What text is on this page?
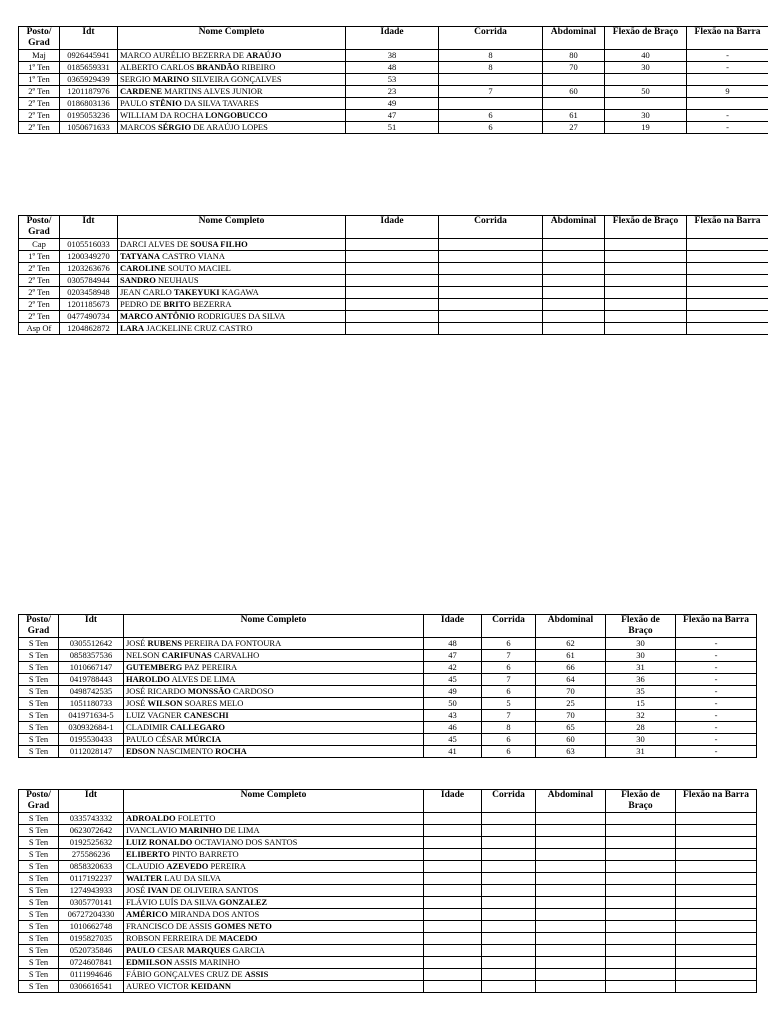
Posto/ Grad	Idt	Nome Completo	Idade	Corrida	Abdominal	Flexão de Braço	Flexão na Barra
Maj	0926445941	MARCO AURÉLIO BEZERRA DE ARAÚJO	38	8	80	40	-
1º Ten	0185659331	ALBERTO CARLOS BRANDÃO RIBEIRO	48	8	70	30	-
1º Ten	0365929439	SERGIO MARINO SILVEIRA GONÇALVES	53				
2º Ten	1201187976	CARDENE MARTINS ALVES JUNIOR	23	7	60	50	9
2º Ten	0186803136	PAULO STÊNIO DA SILVA TAVARES	49				
2º Ten	0195053236	WILLIAM DA ROCHA LONGOBUCCO	47	6	61	30	-
2º Ten	1050671633	MARCOS SÉRGIO DE ARAÚJO LOPES	51	6	27	19	-
Posto/ Grad	Idt	Nome Completo	Idade	Corrida	Abdominal	Flexão de Braço	Flexão na Barra
Cap	0105516033	DARCI ALVES DE SOUSA FILHO					
1º Ten	1200349270	TATYANA CASTRO VIANA					
2º Ten	1203263676	CAROLINE SOUTO MACIEL					
2º Ten	0305784944	SANDRO NEUHAUS					
2º Ten	0203458948	JEAN CARLO TAKEYUKI KAGAWA					
2º Ten	1201185673	PEDRO DE BRITO BEZERRA					
2º Ten	0477490734	MARCO ANTÔNIO RODRIGUES DA SILVA					
Asp Of	1204862872	LARA JACKELINE CRUZ CASTRO					
Posto/ Grad	Idt	Nome Completo	Idade	Corrida	Abdominal	Flexão de Braço	Flexão na Barra
S Ten	0305512642	JOSÉ RUBENS PEREIRA DA FONTOURA	48	6	62	30	-
S Ten	0858357536	NELSON CARIFUNAS CARVALHO	47	7	61	30	-
S Ten	1010667147	GUTEMBERG PAZ PEREIRA	42	6	66	31	-
S Ten	0419788443	HAROLDO ALVES DE LIMA	45	7	64	36	-
S Ten	0498742535	JOSÉ RICARDO MONSSÃO CARDOSO	49	6	70	35	-
S Ten	1051180733	JOSÉ WILSON SOARES MELO	50	5	25	15	-
S Ten	041971634-5	LUIZ VAGNER CANESCHI	43	7	70	32	-
S Ten	030932684-1	CLADIMIR CALLEGARO	46	8	65	28	-
S Ten	0195530433	PAULO CÉSAR MÚRCIA	45	6	60	30	-
S Ten	0112028147	EDSON NASCIMENTO ROCHA	41	6	63	31	-
Posto/ Grad	Idt	Nome Completo	Idade	Corrida	Abdominal	Flexão de Braço	Flexão na Barra
S Ten	0335743332	ADROALDO FOLETTO					
S Ten	0623072642	IVANCLAVIO MARINHO DE LIMA					
S Ten	0192525632	LUIZ RONALDO OCTAVIANO DOS SANTOS					
S Ten	275586236	ELIBERTO PINTO BARRETO					
S Ten	0858320633	CLAUDIO AZEVEDO PEREIRA					
S Ten	0117192237	WALTER LAU DA SILVA					
S Ten	1274943933	JOSÉ IVAN DE OLIVEIRA SANTOS					
S Ten	0305770141	FLÁVIO LUÍS DA SILVA GONZALEZ					
S Ten	06727204330	AMÉRICO MIRANDA DOS ANTOS					
S Ten	1010662748	FRANCISCO DE ASSIS GOMES NETO					
S Ten	0195827035	ROBSON FERREIRA DE MACEDO					
S Ten	0520735846	PAULO CESAR MARQUES GARCIA					
S Ten	0724607841	EDMILSON ASSIS MARINHO					
S Ten	0111994646	FÁBIO GONÇALVES CRUZ DE ASSIS					
S Ten	0306616541	AUREO VICTOR KEIDANN					
